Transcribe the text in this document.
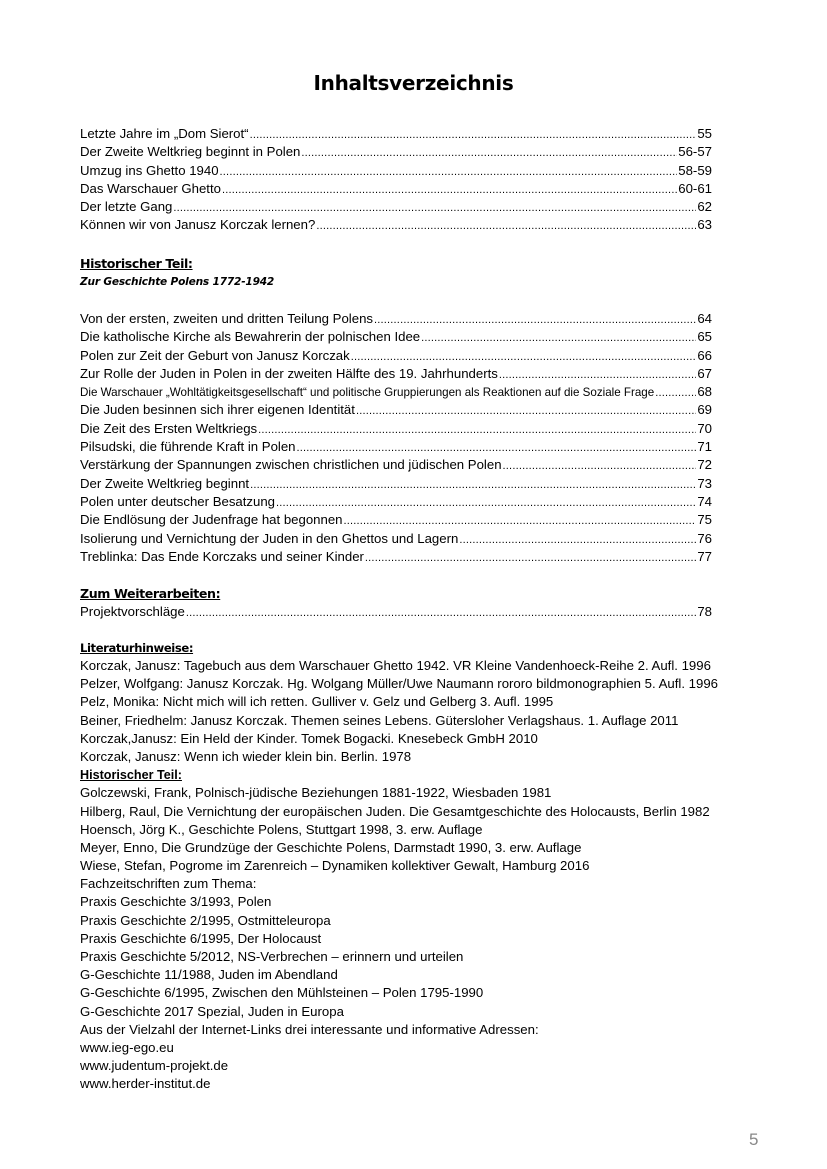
Inhaltsverzeichnis
Letzte Jahre im „Dom Sierot“ .....	55
Der Zweite Weltkrieg beginnt in Polen .....	56-57
Umzug ins Ghetto 1940 .....	58-59
Das Warschauer Ghetto .....	60-61
Der letzte Gang .....	62
Können wir von Janusz Korczak lernen? .....	63

Historischer Teil:

Zur Geschichte Polens 1772-1942

Von der ersten, zweiten und dritten Teilung Polens .....	64
Die katholische Kirche als Bewahrerin der polnischen Idee .....	65
Polen zur Zeit der Geburt von Janusz Korczak .....	66
Zur Rolle der Juden in Polen in der zweiten Hälfte des 19. Jahrhunderts .....	67
Die Warschauer „Wohltätigkeitsgesellschaft“ und politische Gruppierungen als Reaktionen auf die Soziale Frage .....	68
Die Juden besinnen sich ihrer eigenen Identität .....	69
Die Zeit des Ersten Weltkriegs .....	70
Pilsudski, die führende Kraft in Polen .....	71
Verstärkung der Spannungen zwischen christlichen und jüdischen Polen .....	72
Der Zweite Weltkrieg beginnt .....	73
Polen unter deutscher Besatzung .....	74
Die Endlösung der Judenfrage hat begonnen .....	75
Isolierung und Vernichtung der Juden in den Ghettos und Lagern .....	76
Treblinka: Das Ende Korczaks und seiner Kinder .....	77

Zum Weiterarbeiten:

Projektvorschläge .....	78

Literaturhinweise:

Korczak, Janusz: Tagebuch aus dem Warschauer Ghetto 1942. VR Kleine Vandenhoeck-Reihe 2. Aufl. 1996
Pelzer, Wolfgang: Janusz Korczak. Hg. Wolgang Müller/Uwe Naumann rororo bildmonographien 5. Aufl. 1996
Pelz, Monika: Nicht mich will ich retten. Gulliver v. Gelz und Gelberg 3. Aufl. 1995
Beiner, Friedhelm: Janusz Korczak. Themen seines Lebens. Gütersloher Verlagshaus. 1. Auflage 2011
Korczak,Janusz: Ein Held der Kinder. Tomek Bogacki. Knesebeck GmbH 2010
Korczak, Janusz: Wenn ich wieder klein bin. Berlin. 1978
Historischer Teil:
Golczewski, Frank, Polnisch-jüdische Beziehungen 1881-1922, Wiesbaden 1981
Hilberg, Raul, Die Vernichtung der europäischen Juden. Die Gesamtgeschichte des Holocausts, Berlin 1982
Hoensch, Jörg K., Geschichte Polens, Stuttgart 1998, 3. erw. Auflage
Meyer, Enno, Die Grundzüge der Geschichte Polens, Darmstadt 1990, 3. erw. Auflage
Wiese, Stefan, Pogrome im Zarenreich – Dynamiken kollektiver Gewalt, Hamburg 2016
Fachzeitschriften zum Thema:
Praxis Geschichte 3/1993, Polen
Praxis Geschichte 2/1995, Ostmitteleuropa
Praxis Geschichte 6/1995, Der Holocaust
Praxis Geschichte 5/2012, NS-Verbrechen – erinnern und urteilen
G-Geschichte 11/1988, Juden im Abendland
G-Geschichte 6/1995, Zwischen den Mühlsteinen – Polen 1795-1990
G-Geschichte 2017 Spezial, Juden in Europa
Aus der Vielzahl der Internet-Links drei interessante und informative Adressen:
www.ieg-ego.eu
www.judentum-projekt.de
www.herder-institut.de

5
